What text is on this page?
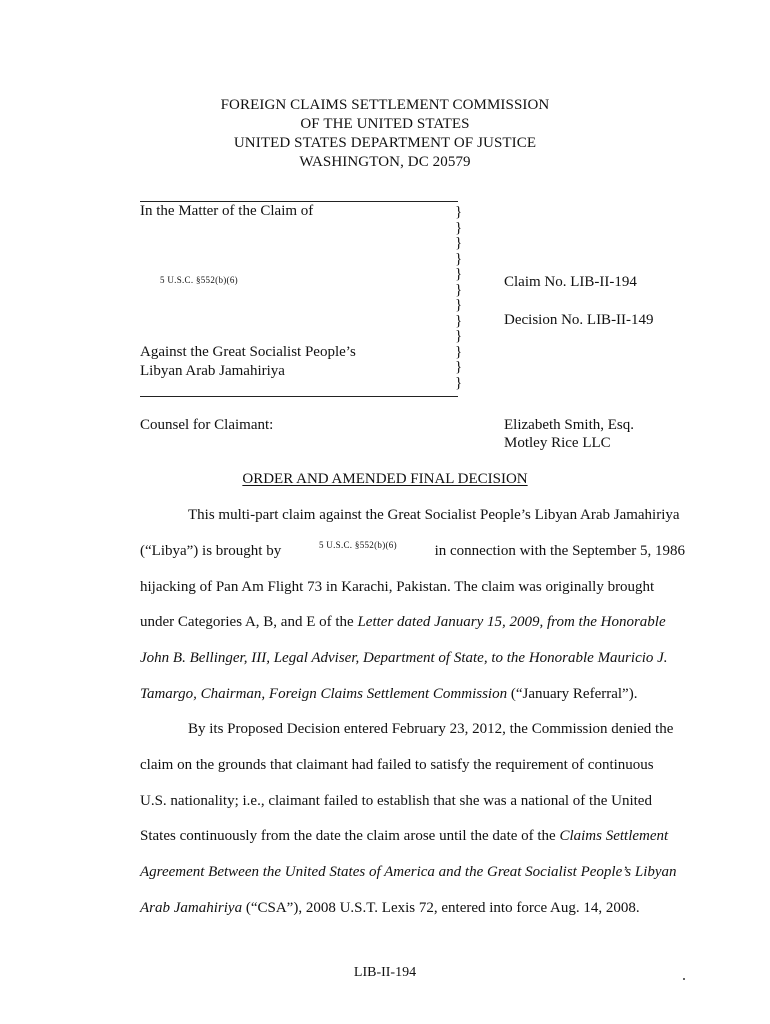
FOREIGN CLAIMS SETTLEMENT COMMISSION
OF THE UNITED STATES
UNITED STATES DEPARTMENT OF JUSTICE
WASHINGTON, DC 20579
In the Matter of the Claim of
5 U.S.C. §552(b)(6)
Against the Great Socialist People’s
Libyan Arab Jamahiriya
}
}
}
}
}
}
}
}
}
}
}
}
Claim No. LIB-II-194
Decision No. LIB-II-149
Counsel for Claimant:	Elizabeth Smith, Esq.
Motley Rice LLC
ORDER AND AMENDED FINAL DECISION
This multi-part claim against the Great Socialist People’s Libyan Arab Jamahiriya
(“Libya”) is brought by	5 U.S.C. §552(b)(6)	in connection with the September 5, 1986
hijacking of Pan Am Flight 73 in Karachi, Pakistan. The claim was originally brought
under Categories A, B, and E of the Letter dated January 15, 2009, from the Honorable
John B. Bellinger, III, Legal Adviser, Department of State, to the Honorable Mauricio J.
Tamargo, Chairman, Foreign Claims Settlement Commission (“January Referral”).
By its Proposed Decision entered February 23, 2012, the Commission denied the
claim on the grounds that claimant had failed to satisfy the requirement of continuous
U.S. nationality; i.e., claimant failed to establish that she was a national of the United
States continuously from the date the claim arose until the date of the Claims Settlement
Agreement Between the United States of America and the Great Socialist People’s Libyan
Arab Jamahiriya (“CSA”), 2008 U.S.T. Lexis 72, entered into force Aug. 14, 2008.
LIB-II-194
